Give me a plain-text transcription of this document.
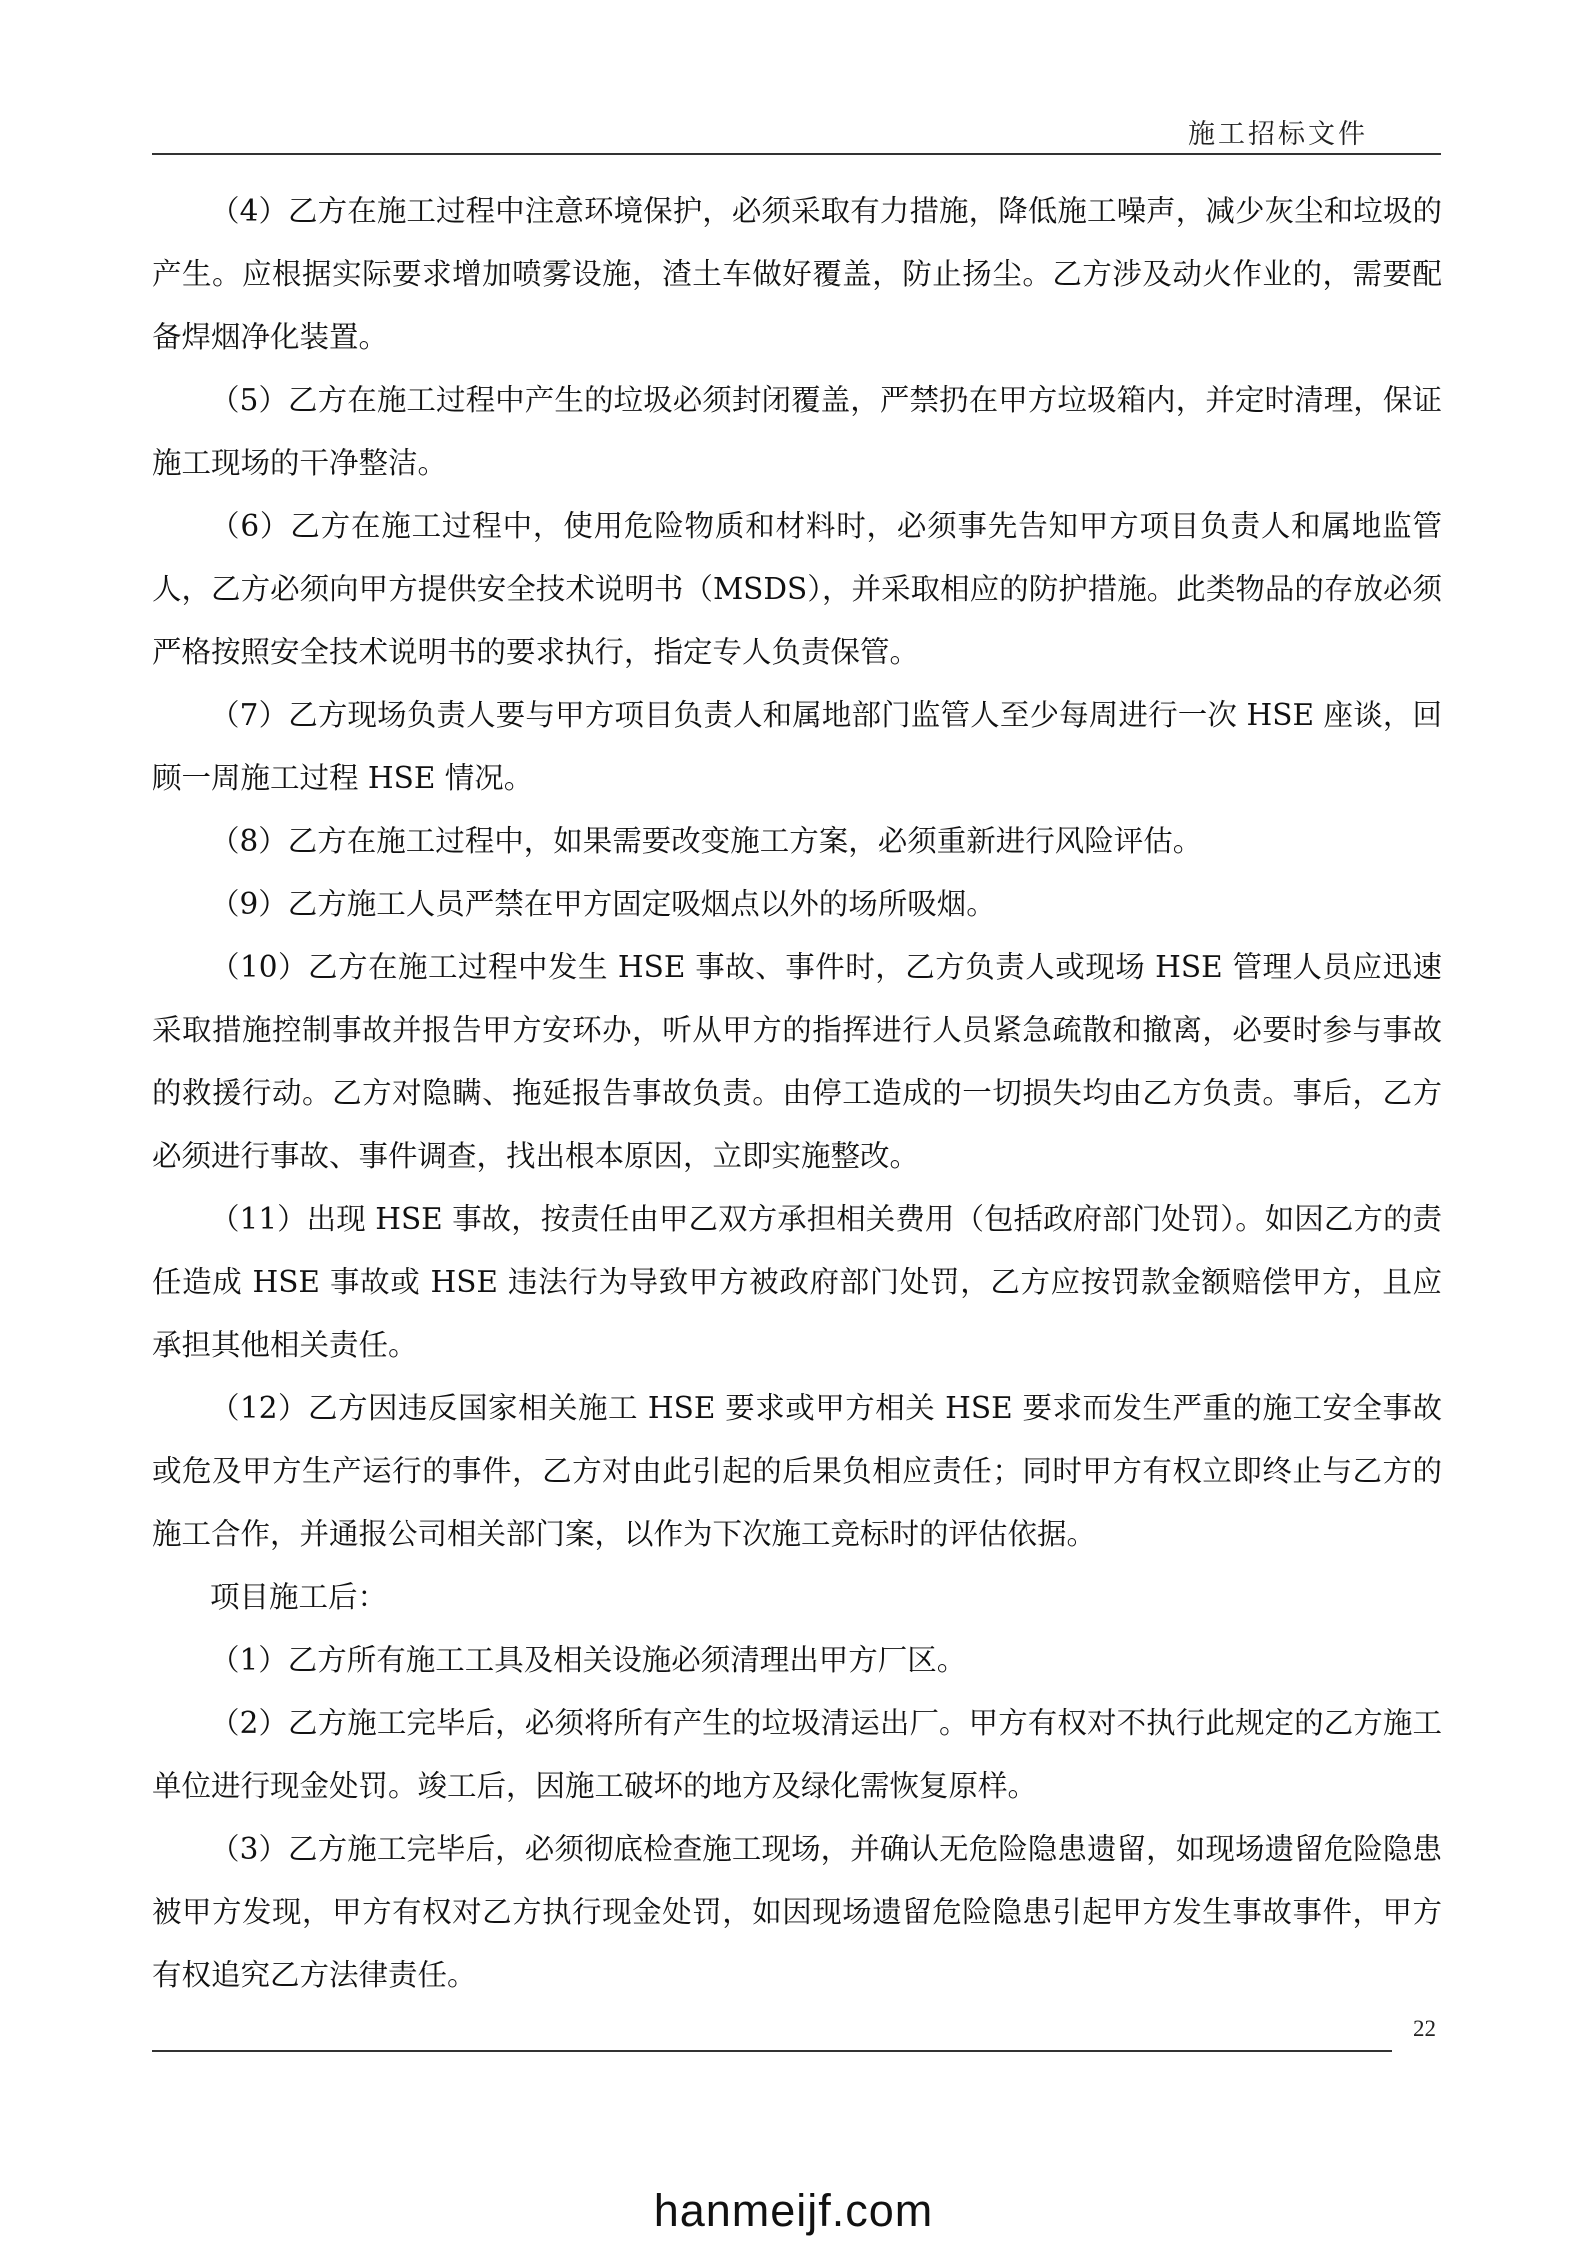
施工招标文件

（4）乙方在施工过程中注意环境保护，必须采取有力措施，降低施工噪声，减少灰尘和垃圾的产生。应根据实际要求增加喷雾设施，渣土车做好覆盖，防止扬尘。乙方涉及动火作业的，需要配备焊烟净化装置。

（5）乙方在施工过程中产生的垃圾必须封闭覆盖，严禁扔在甲方垃圾箱内，并定时清理，保证施工现场的干净整洁。

（6）乙方在施工过程中，使用危险物质和材料时，必须事先告知甲方项目负责人和属地监管人，乙方必须向甲方提供安全技术说明书（MSDS），并采取相应的防护措施。此类物品的存放必须严格按照安全技术说明书的要求执行，指定专人负责保管。

（7）乙方现场负责人要与甲方项目负责人和属地部门监管人至少每周进行一次 HSE 座谈，回顾一周施工过程 HSE 情况。

（8）乙方在施工过程中，如果需要改变施工方案，必须重新进行风险评估。

（9）乙方施工人员严禁在甲方固定吸烟点以外的场所吸烟。

（10）乙方在施工过程中发生 HSE 事故、事件时，乙方负责人或现场 HSE 管理人员应迅速采取措施控制事故并报告甲方安环办，听从甲方的指挥进行人员紧急疏散和撤离，必要时参与事故的救援行动。乙方对隐瞒、拖延报告事故负责。由停工造成的一切损失均由乙方负责。事后，乙方必须进行事故、事件调查，找出根本原因，立即实施整改。

（11）出现 HSE 事故，按责任由甲乙双方承担相关费用（包括政府部门处罚）。如因乙方的责任造成 HSE 事故或 HSE 违法行为导致甲方被政府部门处罚，乙方应按罚款金额赔偿甲方，且应承担其他相关责任。

（12）乙方因违反国家相关施工 HSE 要求或甲方相关 HSE 要求而发生严重的施工安全事故或危及甲方生产运行的事件，乙方对由此引起的后果负相应责任；同时甲方有权立即终止与乙方的施工合作，并通报公司相关部门案，以作为下次施工竞标时的评估依据。

项目施工后：

（1）乙方所有施工工具及相关设施必须清理出甲方厂区。

（2）乙方施工完毕后，必须将所有产生的垃圾清运出厂。甲方有权对不执行此规定的乙方施工单位进行现金处罚。竣工后，因施工破坏的地方及绿化需恢复原样。

（3）乙方施工完毕后，必须彻底检查施工现场，并确认无危险隐患遗留，如现场遗留危险隐患被甲方发现，甲方有权对乙方执行现金处罚，如因现场遗留危险隐患引起甲方发生事故事件，甲方有权追究乙方法律责任。

22
hanmeijf.com
